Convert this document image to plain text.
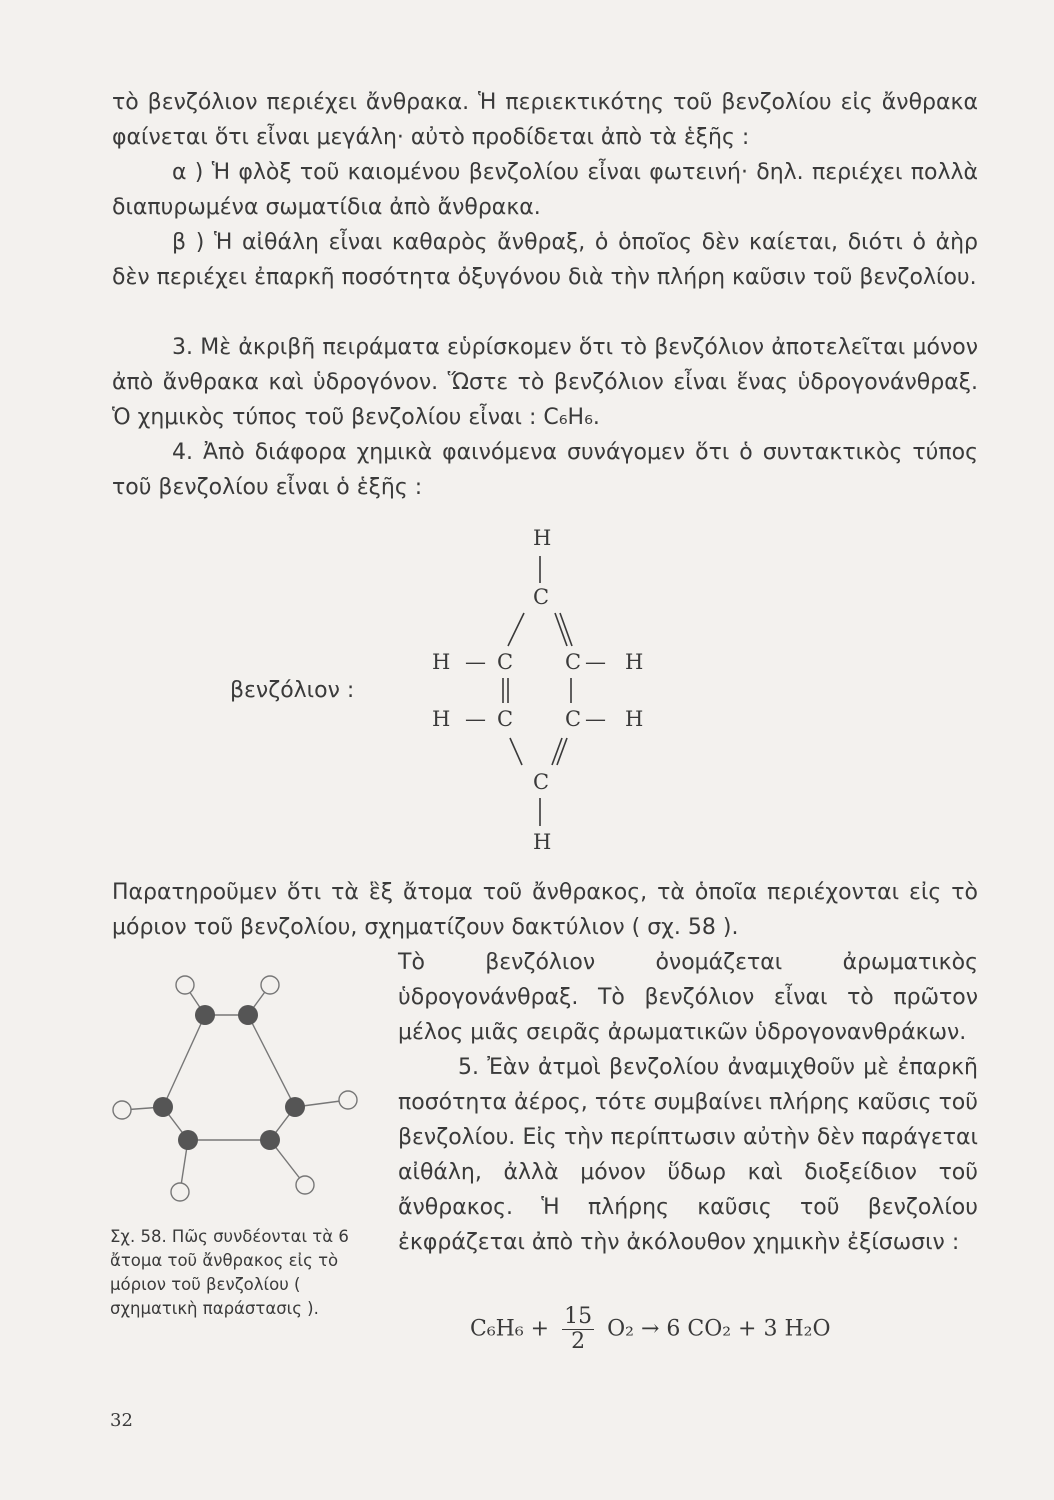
τὸ βενζόλιον περιέχει ἄνθρακα. Ἡ περιεκτικότης τοῦ βενζολίου εἰς ἄνθρακα φαίνεται ὅτι εἶναι μεγάλη· αὐτὸ προδίδεται ἀπὸ τὰ ἑξῆς :

α ) Ἡ φλὸξ τοῦ καιομένου βενζολίου εἶναι φωτεινή· δηλ. περιέχει πολλὰ διαπυρωμένα σωματίδια ἀπὸ ἄνθρακα.

β ) Ἡ αἰθάλη εἶναι καθαρὸς ἄνθραξ, ὁ ὁποῖος δὲν καίεται, διότι ὁ ἀὴρ δὲν περιέχει ἐπαρκῆ ποσότητα ὀξυγόνου διὰ τὴν πλήρη καῦσιν τοῦ βενζολίου.

3. Μὲ ἀκριβῆ πειράματα εὑρίσκομεν ὅτι τὸ βενζόλιον ἀποτελεῖται μόνον ἀπὸ ἄνθρακα καὶ ὑδρογόνον. Ὥστε τὸ βενζόλιον εἶναι ἕνας ὑδρογονάνθραξ. Ὁ χημικὸς τύπος τοῦ βενζολίου εἶναι : C₆H₆.

4. Ἀπὸ διάφορα χημικὰ φαινόμενα συνάγομεν ὅτι ὁ συντακτικὸς τύπος τοῦ βενζολίου εἶναι ὁ ἑξῆς :

βενζόλιον :
H
C
H — C C — H
H — C C — H
C
H

Παρατηροῦμεν ὅτι τὰ ἓξ ἄτομα τοῦ ἄνθρακος, τὰ ὁποῖα περιέχονται εἰς τὸ μόριον τοῦ βενζολίου, σχηματίζουν δακτύλιον ( σχ. 58 ).

Τὸ βενζόλιον ὀνομάζεται ἀρωματικὸς ὑδρογονάνθραξ. Τὸ βενζόλιον εἶναι τὸ πρῶτον μέλος μιᾶς σειρᾶς ἀρωματικῶν ὑδρογονανθράκων.

5. Ἐὰν ἀτμοὶ βενζολίου ἀναμιχθοῦν μὲ ἐπαρκῆ ποσότητα ἀέρος, τότε συμβαίνει πλήρης καῦσις τοῦ βενζολίου. Εἰς τὴν περίπτωσιν αὐτὴν δὲν παράγεται αἰθάλη, ἀλλὰ μόνον ὕδωρ καὶ διοξείδιον τοῦ ἄνθρακος. Ἡ πλήρης καῦσις τοῦ βενζολίου ἐκφράζεται ἀπὸ τὴν ἀκόλουθον χημικὴν ἐξίσωσιν :

Σχ. 58. Πῶς συνδέονται τὰ 6 ἄτομα τοῦ ἄνθρακος εἰς τὸ μόριον τοῦ βενζολίου ( σχηματικὴ παράστασις ).
$C_6H_6 + \frac{15}{2} O_2 \to 6$ CO₂ + 3 H₂O
32
